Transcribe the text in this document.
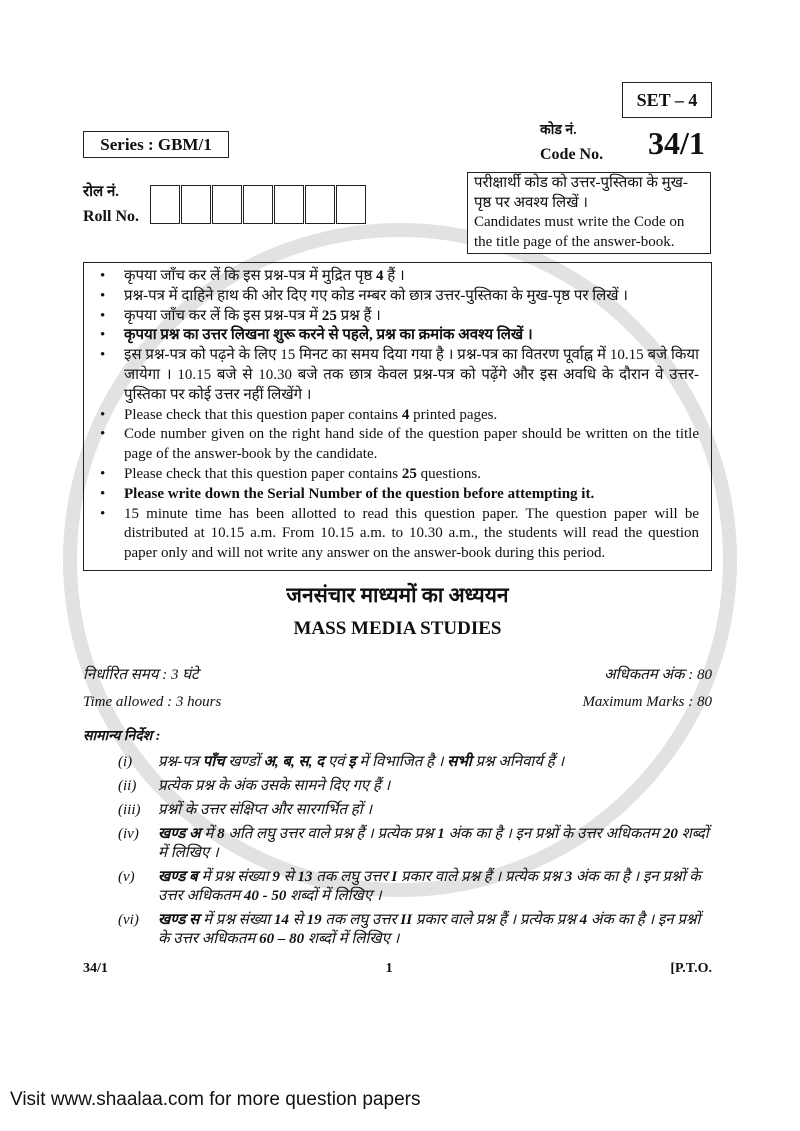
SET – 4
Series : GBM/1
कोड नं.
Code No. 34/1
रोल नं.
Roll No.
परीक्षार्थी कोड को उत्तर-पुस्तिका के मुख-पृष्ठ पर अवश्य लिखें ।
Candidates must write the Code on the title page of the answer-book.
• कृपया जाँच कर लें कि इस प्रश्न-पत्र में मुद्रित पृष्ठ 4 हैं ।
• प्रश्न-पत्र में दाहिने हाथ की ओर दिए गए कोड नम्बर को छात्र उत्तर-पुस्तिका के मुख-पृष्ठ पर लिखें ।
• कृपया जाँच कर लें कि इस प्रश्न-पत्र में 25 प्रश्न हैं ।
• कृपया प्रश्न का उत्तर लिखना शुरू करने से पहले, प्रश्न का क्रमांक अवश्य लिखें ।
• इस प्रश्न-पत्र को पढ़ने के लिए 15 मिनट का समय दिया गया है । प्रश्न-पत्र का वितरण पूर्वाह्न में 10.15 बजे किया जायेगा । 10.15 बजे से 10.30 बजे तक छात्र केवल प्रश्न-पत्र को पढ़ेंगे और इस अवधि के दौरान वे उत्तर-पुस्तिका पर कोई उत्तर नहीं लिखेंगे ।
• Please check that this question paper contains 4 printed pages.
• Code number given on the right hand side of the question paper should be written on the title page of the answer-book by the candidate.
• Please check that this question paper contains 25 questions.
• Please write down the Serial Number of the question before attempting it.
• 15 minute time has been allotted to read this question paper. The question paper will be distributed at 10.15 a.m. From 10.15 a.m. to 10.30 a.m., the students will read the question paper only and will not write any answer on the answer-book during this period.
जनसंचार माध्यमों का अध्ययन
MASS MEDIA STUDIES
निर्धारित समय : 3 घंटे	अधिकतम अंक : 80
Time allowed : 3 hours	Maximum Marks : 80
सामान्य निर्देश :
(i)	प्रश्न-पत्र पाँच खण्डों अ, ब, स, द एवं इ में विभाजित है । सभी प्रश्न अनिवार्य हैं ।
(ii)	प्रत्येक प्रश्न के अंक उसके सामने दिए गए हैं ।
(iii)	प्रश्नों के उत्तर संक्षिप्त और सारगर्भित हों ।
(iv)	खण्ड अ में 8 अति लघु उत्तर वाले प्रश्न हैं । प्रत्येक प्रश्न 1 अंक का है । इन प्रश्नों के उत्तर अधिकतम 20 शब्दों में लिखिए ।
(v)	खण्ड ब में प्रश्न संख्या 9 से 13 तक लघु उत्तर I प्रकार वाले प्रश्न हैं । प्रत्येक प्रश्न 3 अंक का है । इन प्रश्नों के उत्तर अधिकतम 40 - 50 शब्दों में लिखिए ।
(vi)	खण्ड स में प्रश्न संख्या 14 से 19 तक लघु उत्तर II प्रकार वाले प्रश्न हैं । प्रत्येक प्रश्न 4 अंक का है । इन प्रश्नों के उत्तर अधिकतम 60 – 80 शब्दों में लिखिए ।
34/1	1	[P.T.O.
Visit www.shaalaa.com for more question papers
